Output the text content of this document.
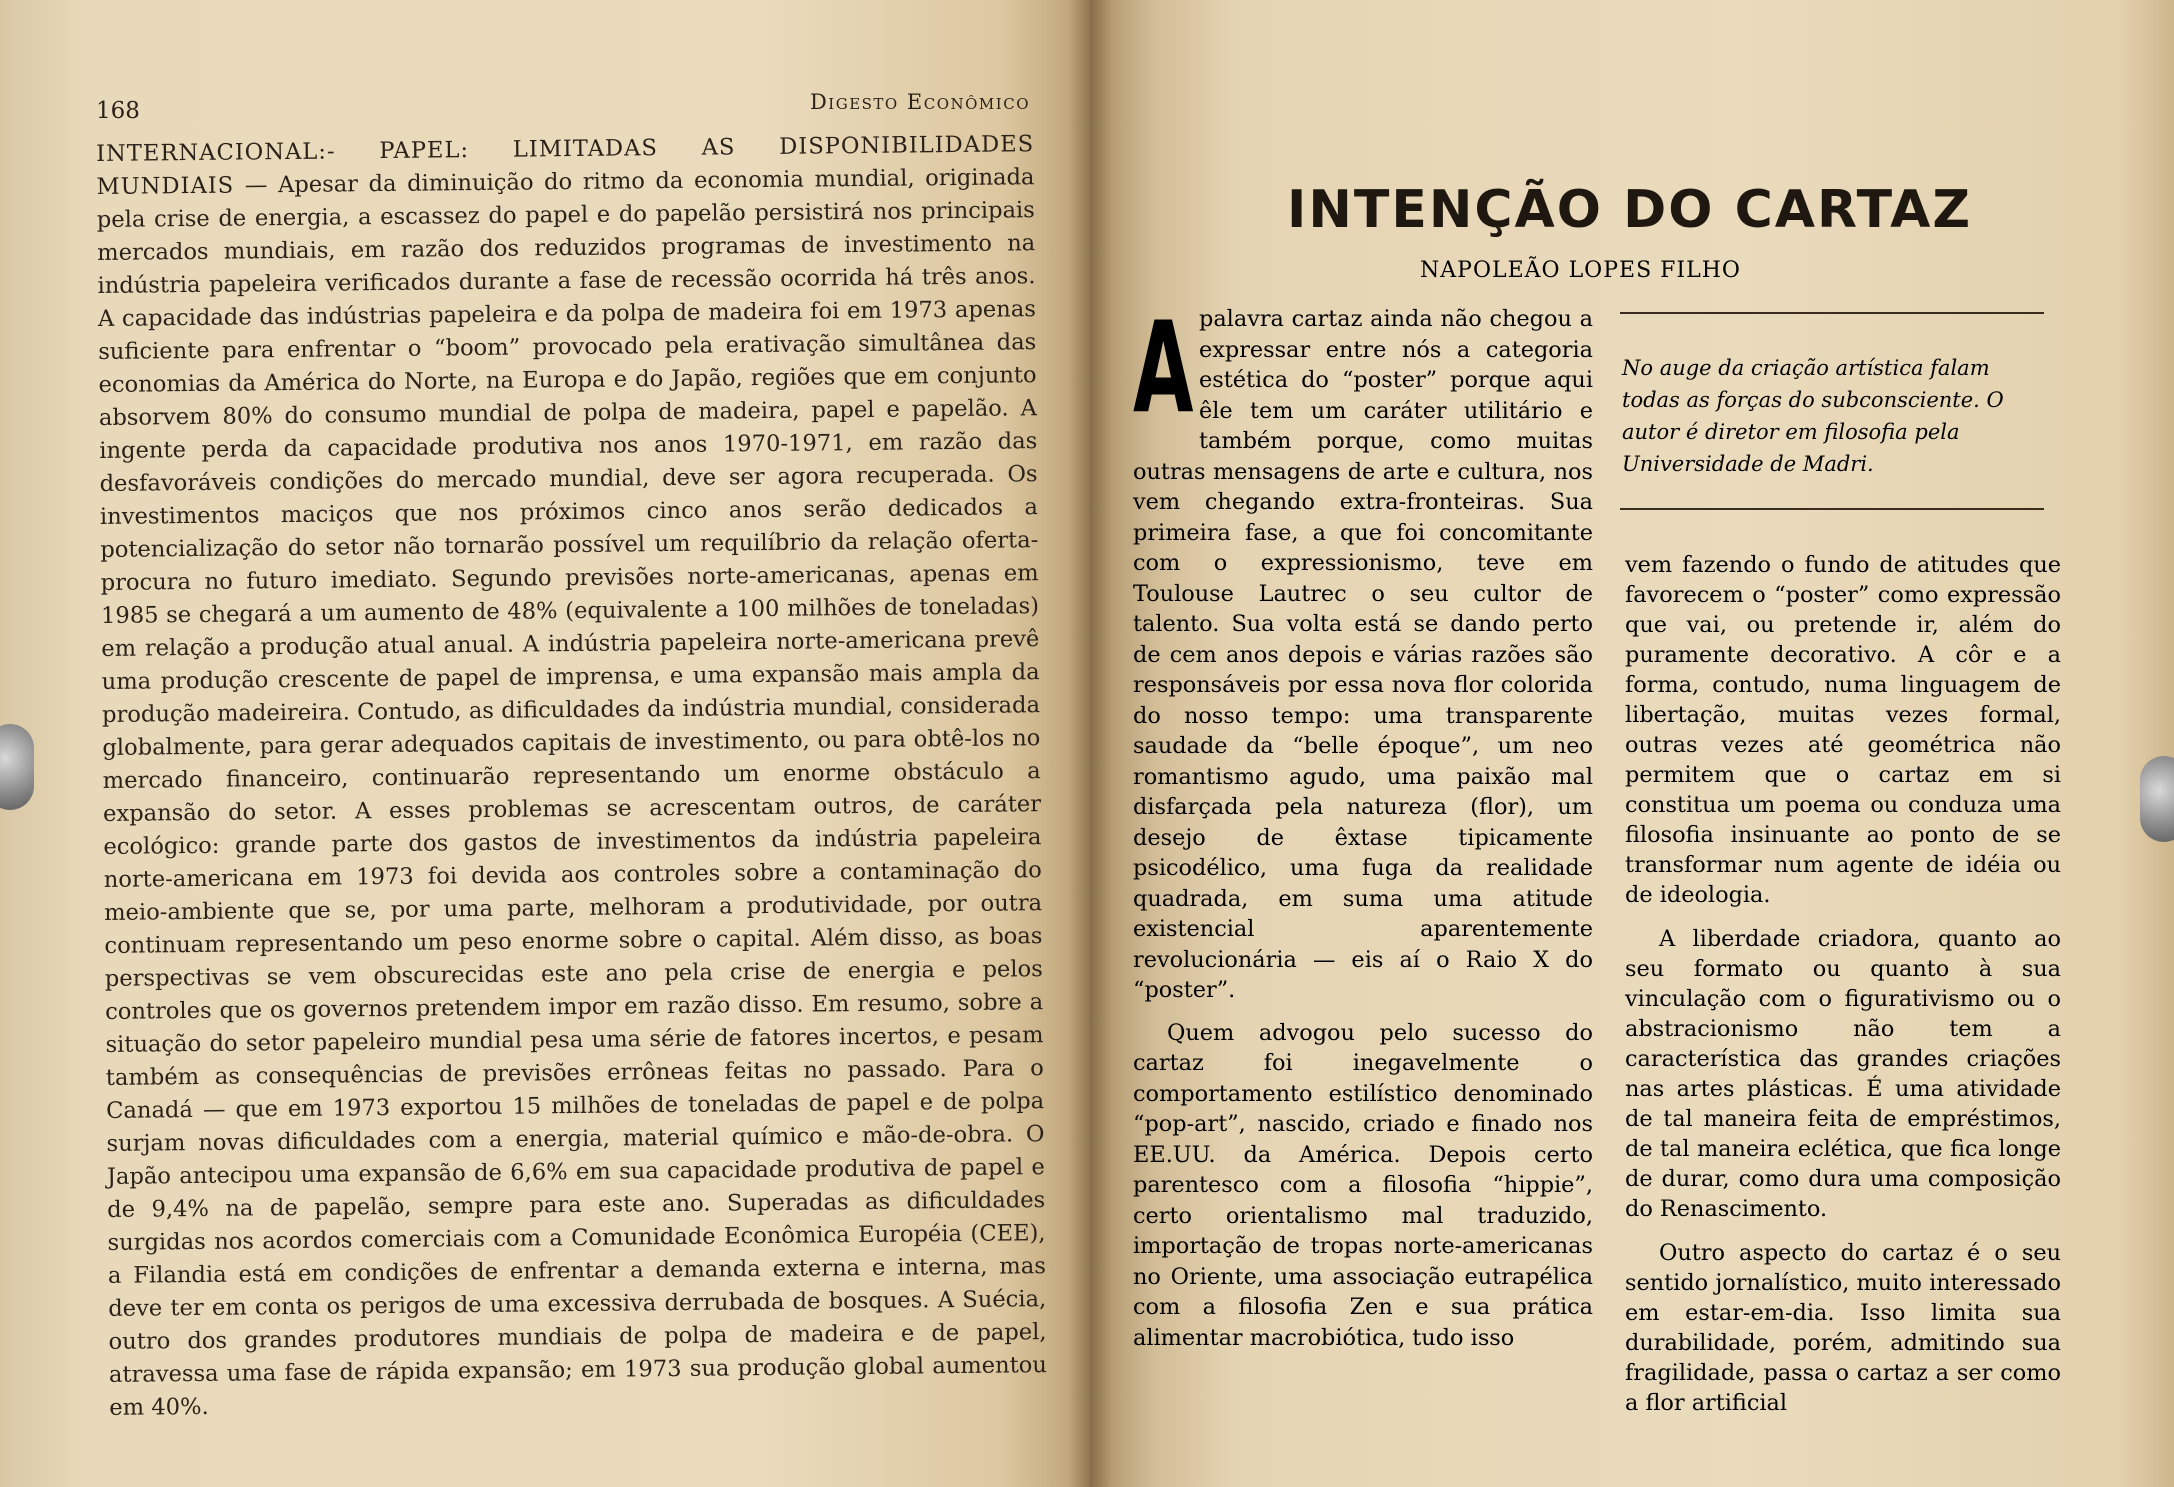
168	Digesto Econômico

INTERNACIONAL:- PAPEL: LIMITADAS AS DISPONIBILIDADES MUNDIAIS — Apesar da diminuição do ritmo da economia mundial, originada pela crise de energia, a escassez do papel e do papelão persistirá nos principais mercados mundiais, em razão dos reduzidos programas de investimento na indústria papeleira verificados durante a fase de recessão ocorrida há três anos. A capacidade das indústrias papeleira e da polpa de madeira foi em 1973 apenas suficiente para enfrentar o “boom” provocado pela erativação simultânea das economias da América do Norte, na Europa e do Japão, regiões que em conjunto absorvem 80% do consumo mundial de polpa de madeira, papel e papelão. A ingente perda da capacidade produtiva nos anos 1970-1971, em razão das desfavoráveis condições do mercado mundial, deve ser agora recuperada. Os investimentos maciços que nos próximos cinco anos serão dedicados a potencialização do setor não tornarão possível um requilíbrio da relação oferta-procura no futuro imediato. Segundo previsões norte-americanas, apenas em 1985 se chegará a um aumento de 48% (equivalente a 100 milhões de toneladas) em relação a produção atual anual. A indústria papeleira norte-americana prevê uma produção crescente de papel de imprensa, e uma expansão mais ampla da produção madeireira. Contudo, as dificuldades da indústria mundial, considerada globalmente, para gerar adequados capitais de investimento, ou para obtê-los no mercado financeiro, continuarão representando um enorme obstáculo a expansão do setor. A esses problemas se acrescentam outros, de caráter ecológico: grande parte dos gastos de investimentos da indústria papeleira norte-americana em 1973 foi devida aos controles sobre a contaminação do meio-ambiente que se, por uma parte, melhoram a produtividade, por outra continuam representando um peso enorme sobre o capital. Além disso, as boas perspectivas se vem obscurecidas este ano pela crise de energia e pelos controles que os governos pretendem impor em razão disso. Em resumo, sobre a situação do setor papeleiro mundial pesa uma série de fatores incertos, e pesam também as consequências de previsões errôneas feitas no passado. Para o Canadá — que em 1973 exportou 15 milhões de toneladas de papel e de polpa surjam novas dificuldades com a energia, material químico e mão-de-obra. O Japão antecipou uma expansão de 6,6% em sua capacidade produtiva de papel e de 9,4% na de papelão, sempre para este ano. Superadas as dificuldades surgidas nos acordos comerciais com a Comunidade Econômica Européia (CEE), a Filandia está em condições de enfrentar a demanda externa e interna, mas deve ter em conta os perigos de uma excessiva derrubada de bosques. A Suécia, outro dos grandes produtores mundiais de polpa de madeira e de papel, atravessa uma fase de rápida expansão; em 1973 sua produção global aumentou em 40%.

INTENÇÃO DO CARTAZ
NAPOLEÃO LOPES FILHO
No auge da criação artística falam todas as forças do subconsciente. O autor é diretor em filosofia pela Universidade de Madri.

Apalavra cartaz ainda não chegou a expressar entre nós a categoria estética do “poster” porque aqui êle tem um caráter utilitário e também porque, como muitas outras mensagens de arte e cultura, nos vem chegando extra-fronteiras. Sua primeira fase, a que foi concomitante com o expressionismo, teve em Toulouse Lautrec o seu cultor de talento. Sua volta está se dando perto de cem anos depois e várias razões são responsáveis por essa nova flor colorida do nosso tempo: uma transparente saudade da “belle époque”, um neo romantismo agudo, uma paixão mal disfarçada pela natureza (flor), um desejo de êxtase tipicamente psicodélico, uma fuga da realidade quadrada, em suma uma atitude existencial aparentemente revolucionária — eis aí o Raio X do “poster”.

Quem advogou pelo sucesso do cartaz foi inegavelmente o comportamento estilístico denominado “pop-art”, nascido, criado e finado nos EE.UU. da América. Depois certo parentesco com a filosofia “hippie”, certo orientalismo mal traduzido, importação de tropas norte-americanas no Oriente, uma associação eutrapélica com a filosofia Zen e sua prática alimentar macrobiótica, tudo isso

vem fazendo o fundo de atitudes que favorecem o “poster” como expressão que vai, ou pretende ir, além do puramente decorativo. A côr e a forma, contudo, numa linguagem de libertação, muitas vezes formal, outras vezes até geométrica não permitem que o cartaz em si constitua um poema ou conduza uma filosofia insinuante ao ponto de se transformar num agente de idéia ou de ideologia.

A liberdade criadora, quanto ao seu formato ou quanto à sua vinculação com o figurativismo ou o abstracionismo não tem a característica das grandes criações nas artes plásticas. É uma atividade de tal maneira feita de empréstimos, de tal maneira eclética, que fica longe de durar, como dura uma composição do Renascimento.

Outro aspecto do cartaz é o seu sentido jornalístico, muito interessado em estar-em-dia. Isso limita sua durabilidade, porém, admitindo sua fragilidade, passa o cartaz a ser como a flor artificial
